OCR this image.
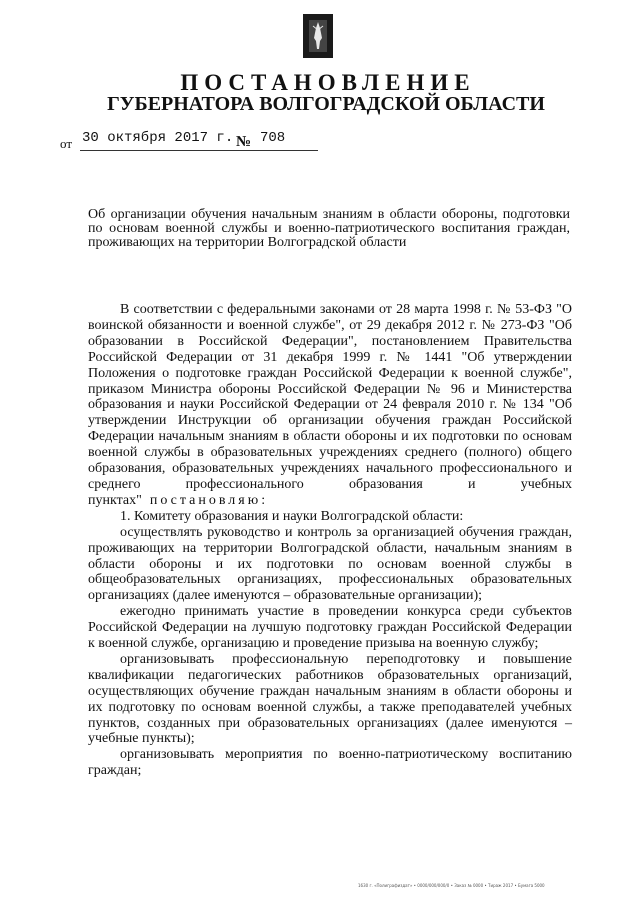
ПОСТАНОВЛЕНИЕ
ГУБЕРНАТОРА ВОЛГОГРАДСКОЙ ОБЛАСТИ
от 30 октября 2017 г. № 708
Об организации обучения начальным знаниям в области обороны, подготовки по основам военной службы и военно-патриотического воспитания граждан, проживающих на территории Волгоградской области

В соответствии с федеральными законами от 28 марта 1998 г. № 53-ФЗ "О воинской обязанности и военной службе", от 29 декабря 2012 г. № 273-ФЗ "Об образовании в Российской Федерации", постановлением Правительства Российской Федерации от 31 декабря 1999 г. № 1441 "Об утверждении Положения о подготовке граждан Российской Федерации к военной службе", приказом Министра обороны Российской Федерации № 96 и Министерства образования и науки Российской Федерации от 24 февраля 2010 г. № 134 "Об утверждении Инструкции об организации обучения граждан Российской Федерации начальным знаниям в области обороны и их подготовки по основам военной службы в образовательных учреждениях среднего (полного) общего образования, образовательных учреждениях начального профессионального и среднего профессионального образования и учебных пунктах" постановляю:

1. Комитету образования и науки Волгоградской области:

осуществлять руководство и контроль за организацией обучения граждан, проживающих на территории Волгоградской области, начальным знаниям в области обороны и их подготовки по основам военной службы в общеобразовательных организациях, профессиональных образовательных организациях (далее именуются – образовательные организации);

ежегодно принимать участие в проведении конкурса среди субъектов Российской Федерации на лучшую подготовку граждан Российской Федерации к военной службе, организацию и проведение призыва на военную службу;

организовывать профессиональную переподготовку и повышение квалификации педагогических работников образовательных организаций, осуществляющих обучение граждан начальным знаниям в области обороны и их подготовку по основам военной службы, а также преподавателей учебных пунктов, созданных при образовательных организациях (далее именуются – учебные пункты);

организовывать мероприятия по военно-патриотическому воспитанию граждан;

1630 г. «Полиграфиздат» • 0000/000/000/0 • Заказ № 0000 • Тираж 2017 • Бумага 5000
